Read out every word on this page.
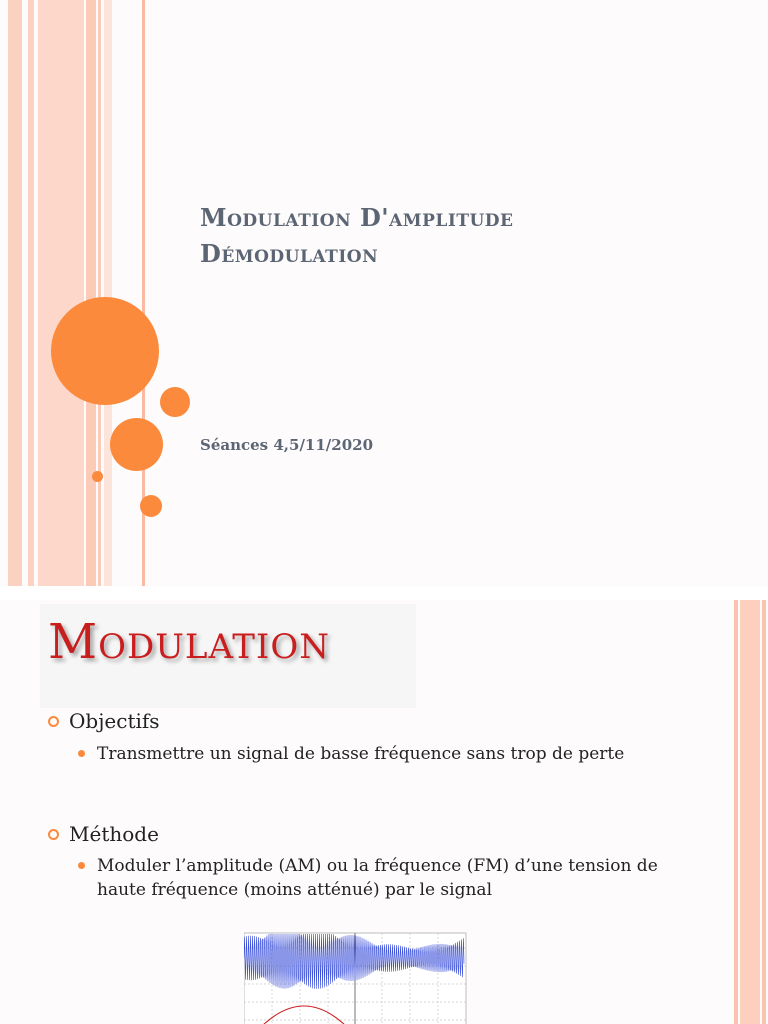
Modulation D'amplitude
Démodulation
Séances 4,5/11/2020
Modulation
Objectifs
Transmettre un signal de basse fréquence sans trop de perte
Méthode
Moduler l’amplitude (AM) ou la fréquence (FM) d’une tension de haute fréquence (moins atténué) par le signal
